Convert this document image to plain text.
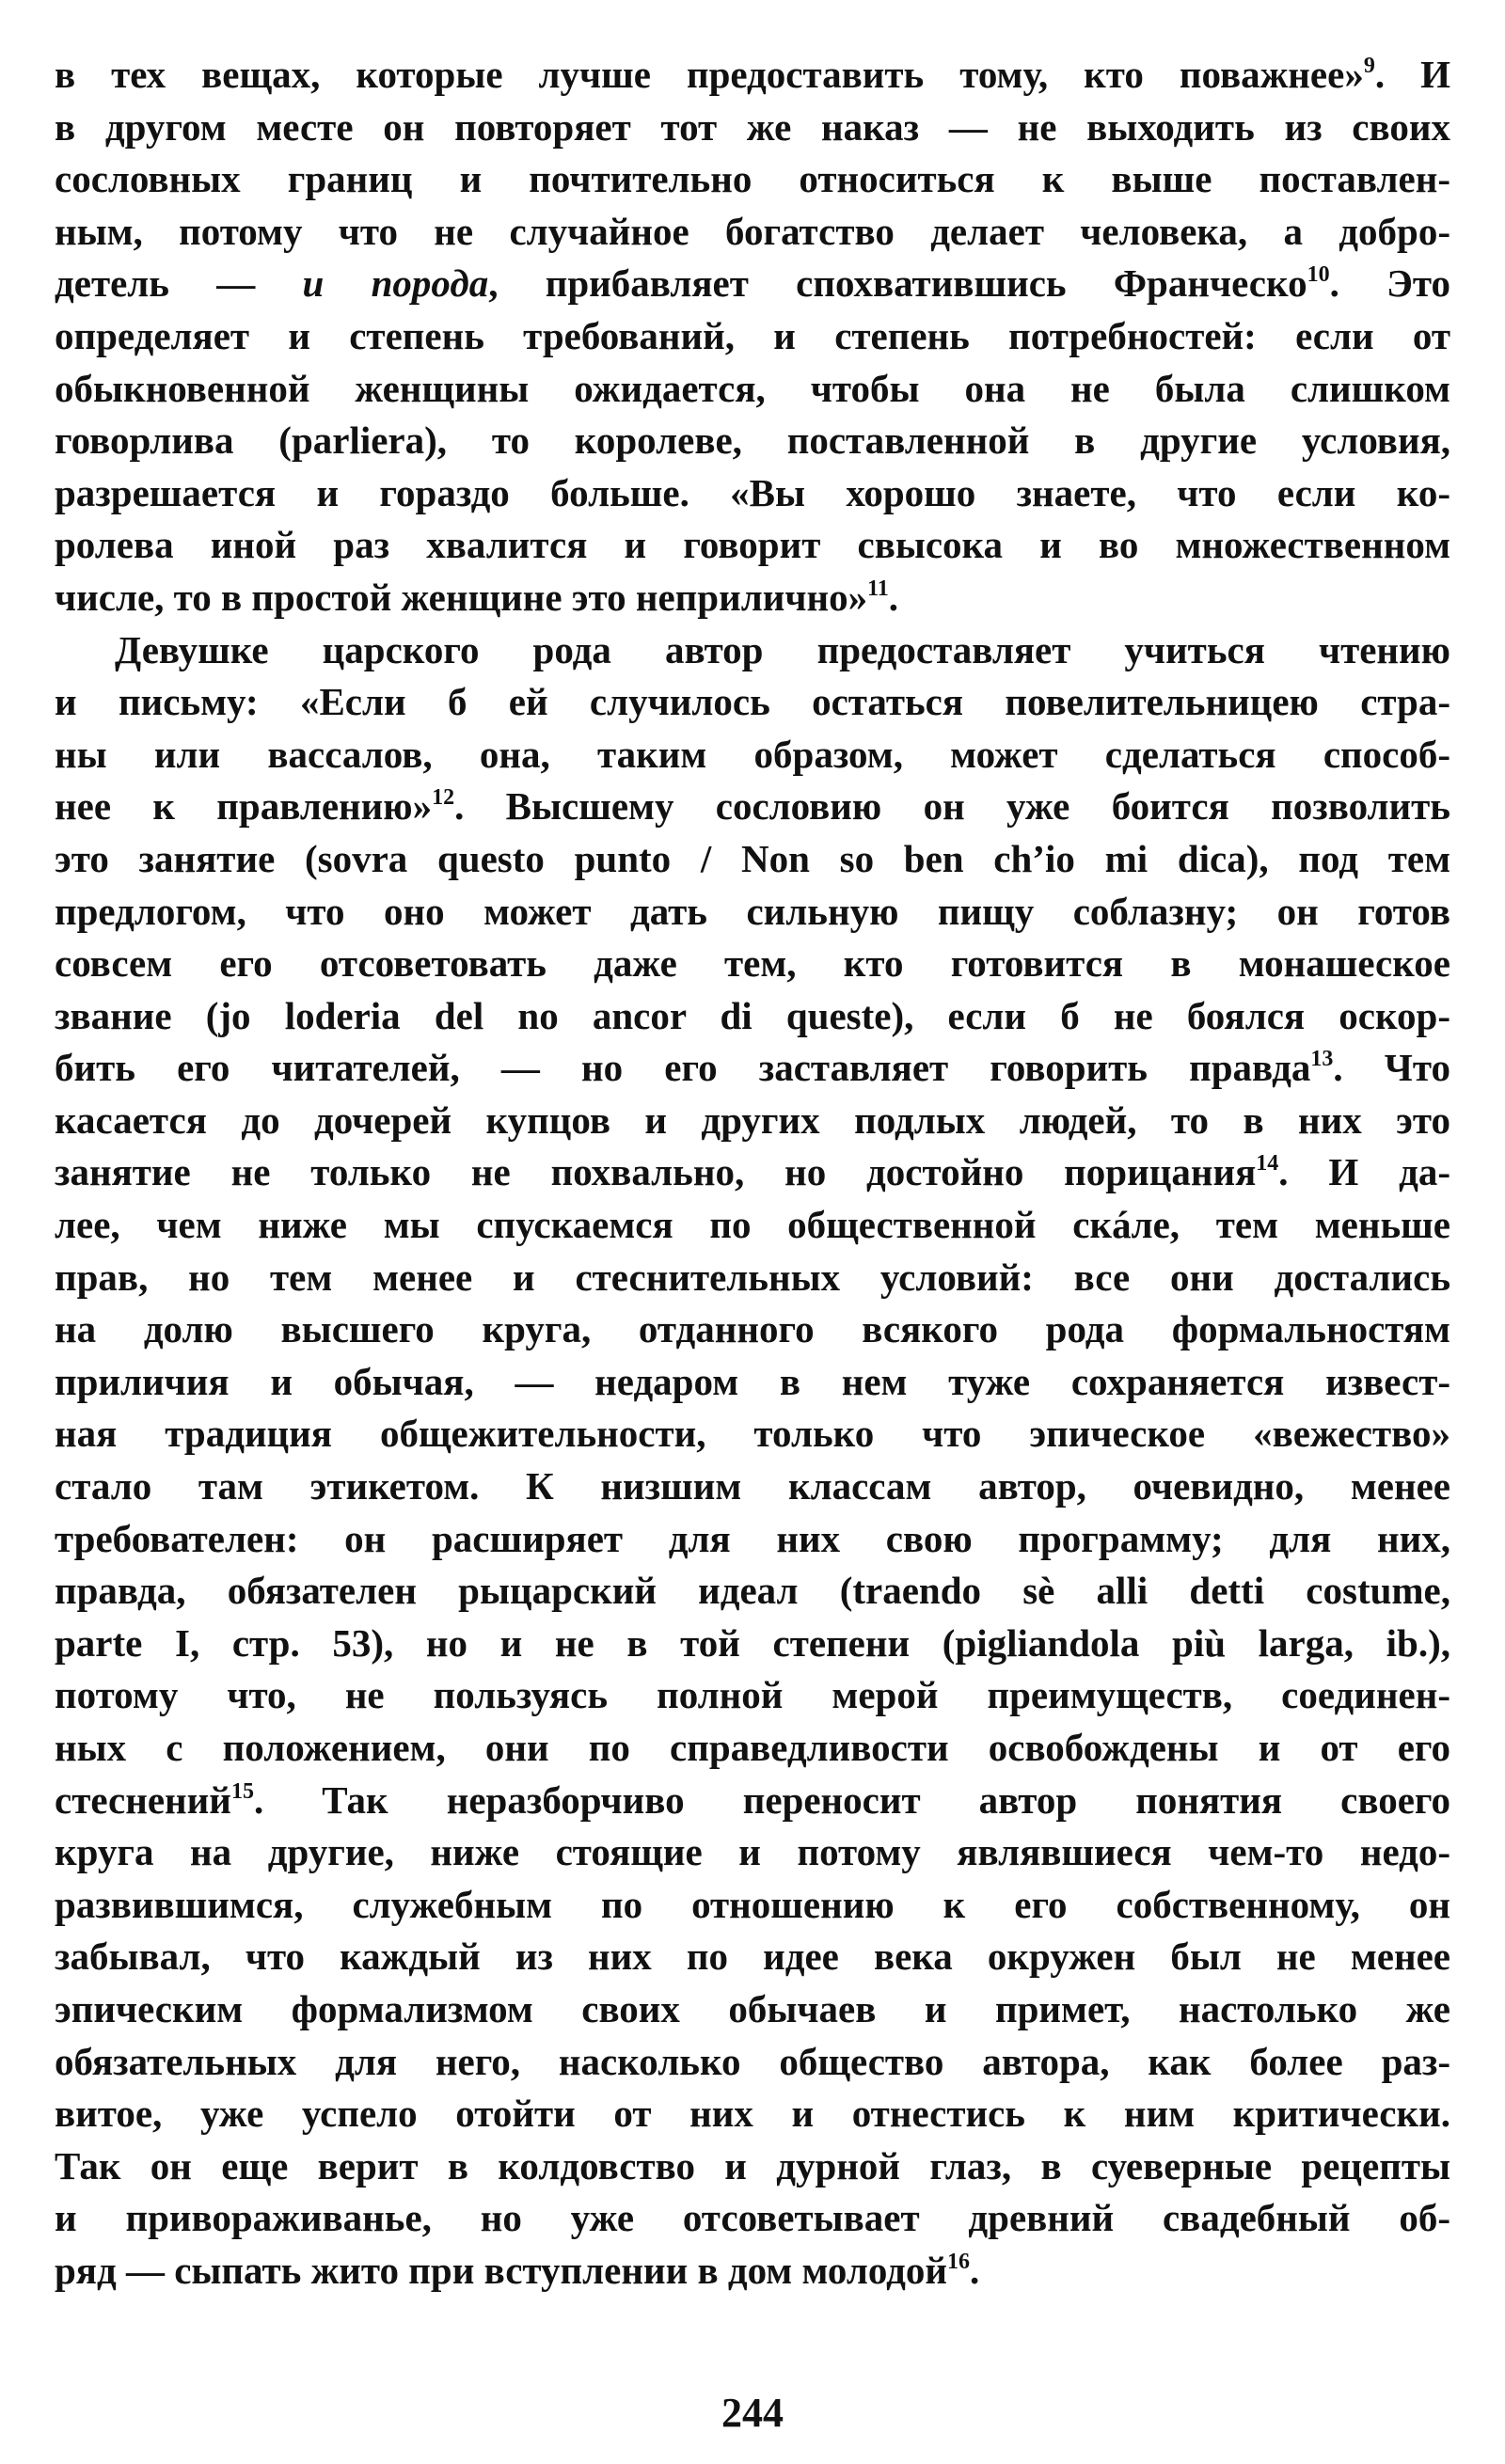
в тех вещах, которые лучше предоставить тому, кто поважнее»$^9$. И
в другом месте он повторяет тот же наказ — не выходить из своих
сословных границ и почтительно относиться к выше поставлен-
ным, потому что не случайное богатство делает человека, а добро-
детель — и порода, прибавляет спохватившись Франческо$^{10}$. Это
определяет и степень требований, и степень потребностей: если от
обыкновенной женщины ожидается, чтобы она не была слишком
говорлива (parliera), то королеве, поставленной в другие условия,
разрешается и гораздо больше. «Вы хорошо знаете, что если ко-
ролева иной раз хвалится и говорит свысока и во множественном
числе, то в простой женщине это неприлично»$^{11}$.
Девушке царского рода автор предоставляет учиться чтению
и письму: «Если б ей случилось остаться повелительницею стра-
ны или вассалов, она, таким образом, может сделаться способ-
нее к правлению»$^{12}$. Высшему сословию он уже боится позволить
это занятие (sovra questo punto / Non so ben ch’io mi dica), под тем
предлогом, что оно может дать сильную пищу соблазну; он готов
совсем его отсоветовать даже тем, кто готовится в монашеское
звание (jo loderia del no ancor di queste), если б не боялся оскор-
бить его читателей, — но его заставляет говорить правда$^{13}$. Что
касается до дочерей купцов и других подлых людей, то в них это
занятие не только не похвально, но достойно порицания$^{14}$. И да-
лее, чем ниже мы спускаемся по общественной скáле, тем меньше
прав, но тем менее и стеснительных условий: все они достались
на долю высшего круга, отданного всякого рода формальностям
приличия и обычая, — недаром в нем туже сохраняется извест-
ная традиция общежительности, только что эпическое «вежество»
стало там этикетом. К низшим классам автор, очевидно, менее
требователен: он расширяет для них свою программу; для них,
правда, обязателен рыцарский идеал (traendo sè alli detti costume,
parte I, стр. 53), но и не в той степени (pigliandola più larga, ib.),
потому что, не пользуясь полной мерой преимуществ, соединен-
ных с положением, они по справедливости освобождены и от его
стеснений$^{15}$. Так неразборчиво переносит автор понятия своего
круга на другие, ниже стоящие и потому являвшиеся чем-то недо-
развившимся, служебным по отношению к его собственному, он
забывал, что каждый из них по идее века окружен был не менее
эпическим формализмом своих обычаев и примет, настолько же
обязательных для него, насколько общество автора, как более раз-
витое, уже успело отойти от них и отнестись к ним критически.
Так он еще верит в колдовство и дурной глаз, в суеверные рецепты
и привораживанье, но уже отсоветывает древний свадебный об-
ряд — сыпать жито при вступлении в дом молодой$^{16}$.
244
